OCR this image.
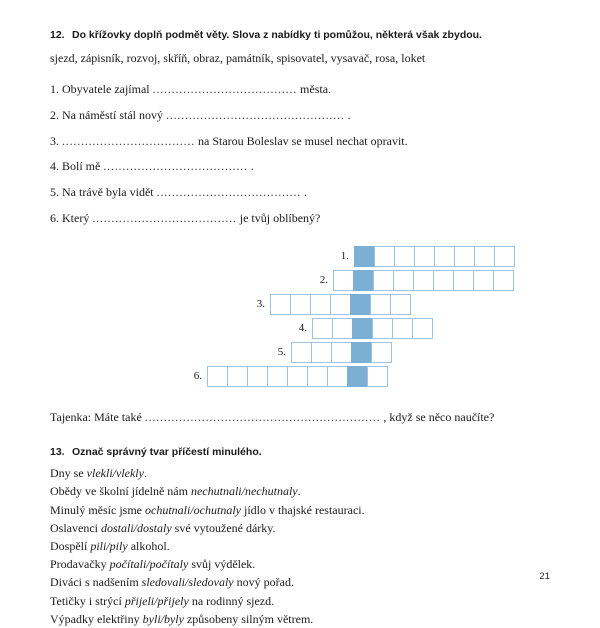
12. Do křížovky doplň podmět věty. Slova z nabídky ti pomůžou, některá však zbydou.
sjezd, zápisník, rozvoj, skříň, obraz, památník, spisovatel, vysavač, rosa, loket
1. Obyvatele zajímal ...................................... města.
2. Na náměstí stál nový ............................................... .
3. ................................... na Starou Boleslav se musel nechat opravit.
4. Bolí mě ...................................... .
5. Na trávě byla vidět ...................................... .
6. Který ...................................... je tvůj oblíbený?
1.
2.
3.
4.
5.
6.
Tajenka: Máte také .............................................................. , když se něco naučíte?
13. Označ správný tvar příčestí minulého.
Dny se vlekli/vlekly.
Obědy ve školní jídelně nám nechutnali/nechutnaly.
Minulý měsíc jsme ochutnali/ochutnaly jídlo v thajské restauraci.
Oslavenci dostali/dostaly své vytoužené dárky.
Dospělí pili/pily alkohol.
Prodavačky počítali/počítaly svůj výdělek.
Diváci s nadšením sledovali/sledovaly nový pořad.
Tetičky i strýcí přijeli/přijely na rodinný sjezd.
Výpadky elektřiny byli/byly způsobeny silným větrem.
21
